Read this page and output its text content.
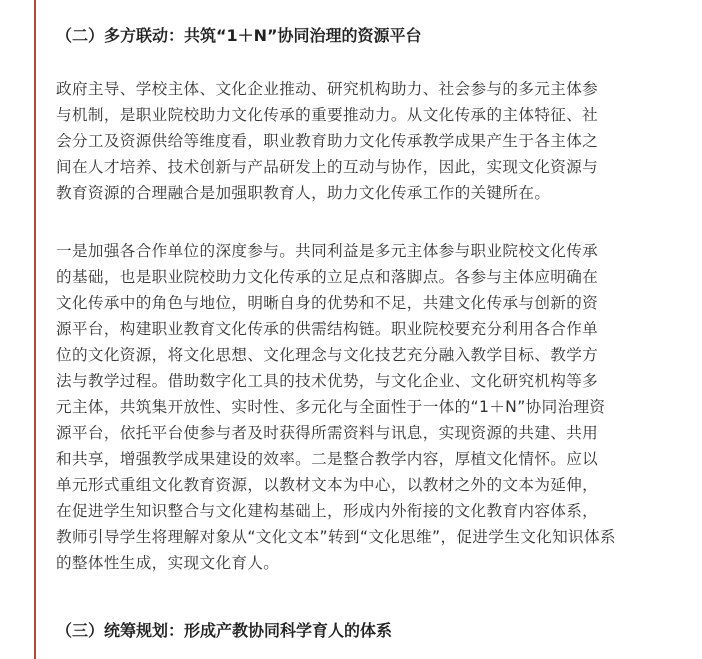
（二）多方联动：共筑“1＋N”协同治理的资源平台

政府主导、学校主体、文化企业推动、研究机构助力、社会参与的多元主体参
与机制，是职业院校助力文化传承的重要推动力。从文化传承的主体特征、社
会分工及资源供给等维度看，职业教育助力文化传承教学成果产生于各主体之
间在人才培养、技术创新与产品研发上的互动与协作，因此，实现文化资源与
教育资源的合理融合是加强职教育人，助力文化传承工作的关键所在。

一是加强各合作单位的深度参与。共同利益是多元主体参与职业院校文化传承
的基础，也是职业院校助力文化传承的立足点和落脚点。各参与主体应明确在
文化传承中的角色与地位，明晰自身的优势和不足，共建文化传承与创新的资
源平台，构建职业教育文化传承的供需结构链。职业院校要充分利用各合作单
位的文化资源，将文化思想、文化理念与文化技艺充分融入教学目标、教学方
法与教学过程。借助数字化工具的技术优势，与文化企业、文化研究机构等多
元主体，共筑集开放性、实时性、多元化与全面性于一体的“1＋N”协同治理资
源平台，依托平台使参与者及时获得所需资料与讯息，实现资源的共建、共用
和共享，增强教学成果建设的效率。二是整合教学内容，厚植文化情怀。应以
单元形式重组文化教育资源，以教材文本为中心，以教材之外的文本为延伸，
在促进学生知识整合与文化建构基础上，形成内外衔接的文化教育内容体系，
教师引导学生将理解对象从“文化文本”转到“文化思维”，促进学生文化知识体系
的整体性生成，实现文化育人。

（三）统筹规划：形成产教协同科学育人的体系
